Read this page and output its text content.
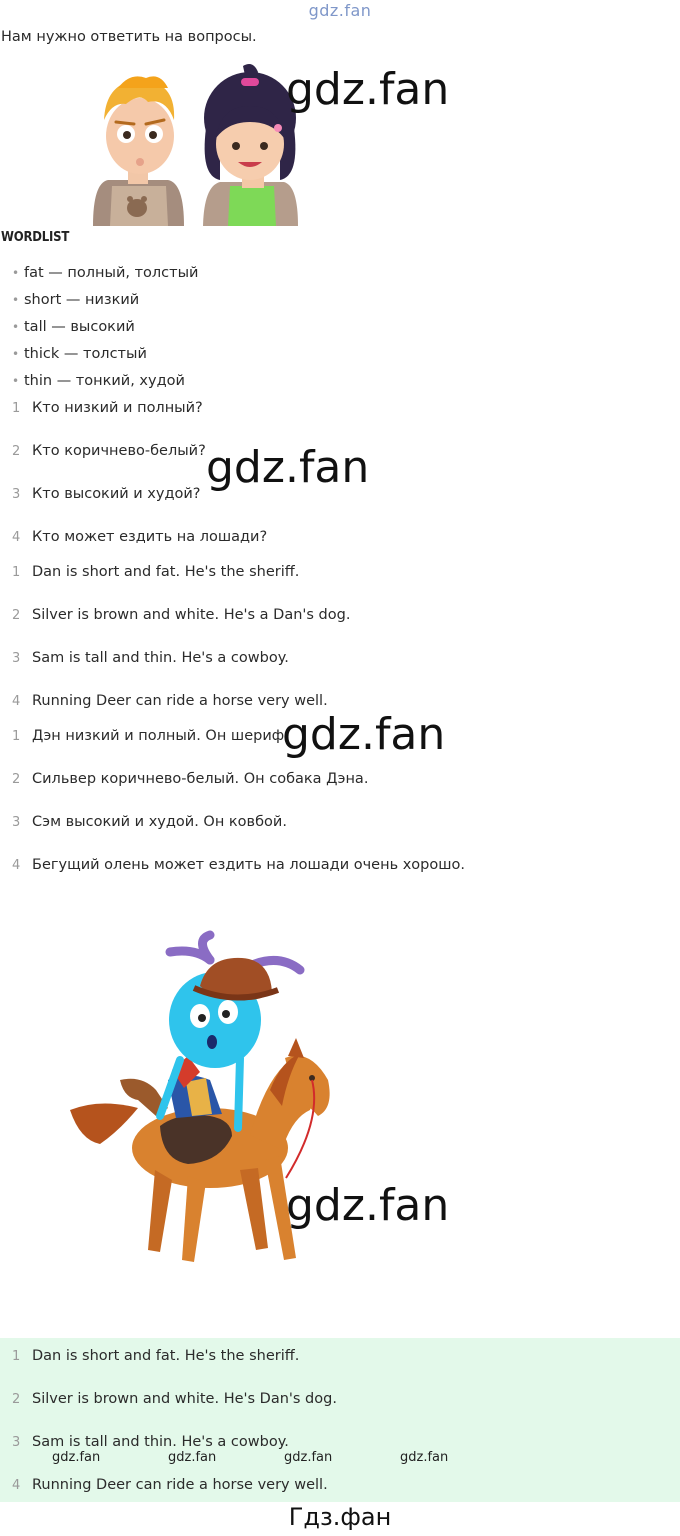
gdz.fan
Нам нужно ответить на вопросы.
gdz.fan
WORDLIST
• fat — полный, толстый
• short — низкий
• tall — высокий
• thick — толстый
• thin — тонкий, худой
1 Кто низкий и полный?
2 Кто коричнево-белый?
3 Кто высокий и худой?
4 Кто может ездить на лошади?
gdz.fan
1 Dan is short and fat. He's the sheriff.
2 Silver is brown and white. He's a Dan's dog.
3 Sam is tall and thin. He's a cowboy.
4 Running Deer can ride a horse very well.
1 Дэн низкий и полный. Он шериф.
2 Сильвер коричнево-белый. Он собака Дэна.
3 Сэм высокий и худой. Он ковбой.
4 Бегущий олень может ездить на лошади очень хорошо.
gdz.fan
gdz.fan
1 Dan is short and fat. He's the sheriff.
2 Silver is brown and white. He's Dan's dog.
3 Sam is tall and thin. He's a cowboy.
4 Running Deer can ride a horse very well.
gdz.fan	gdz.fan	gdz.fan	gdz.fan
Гдз.фан
